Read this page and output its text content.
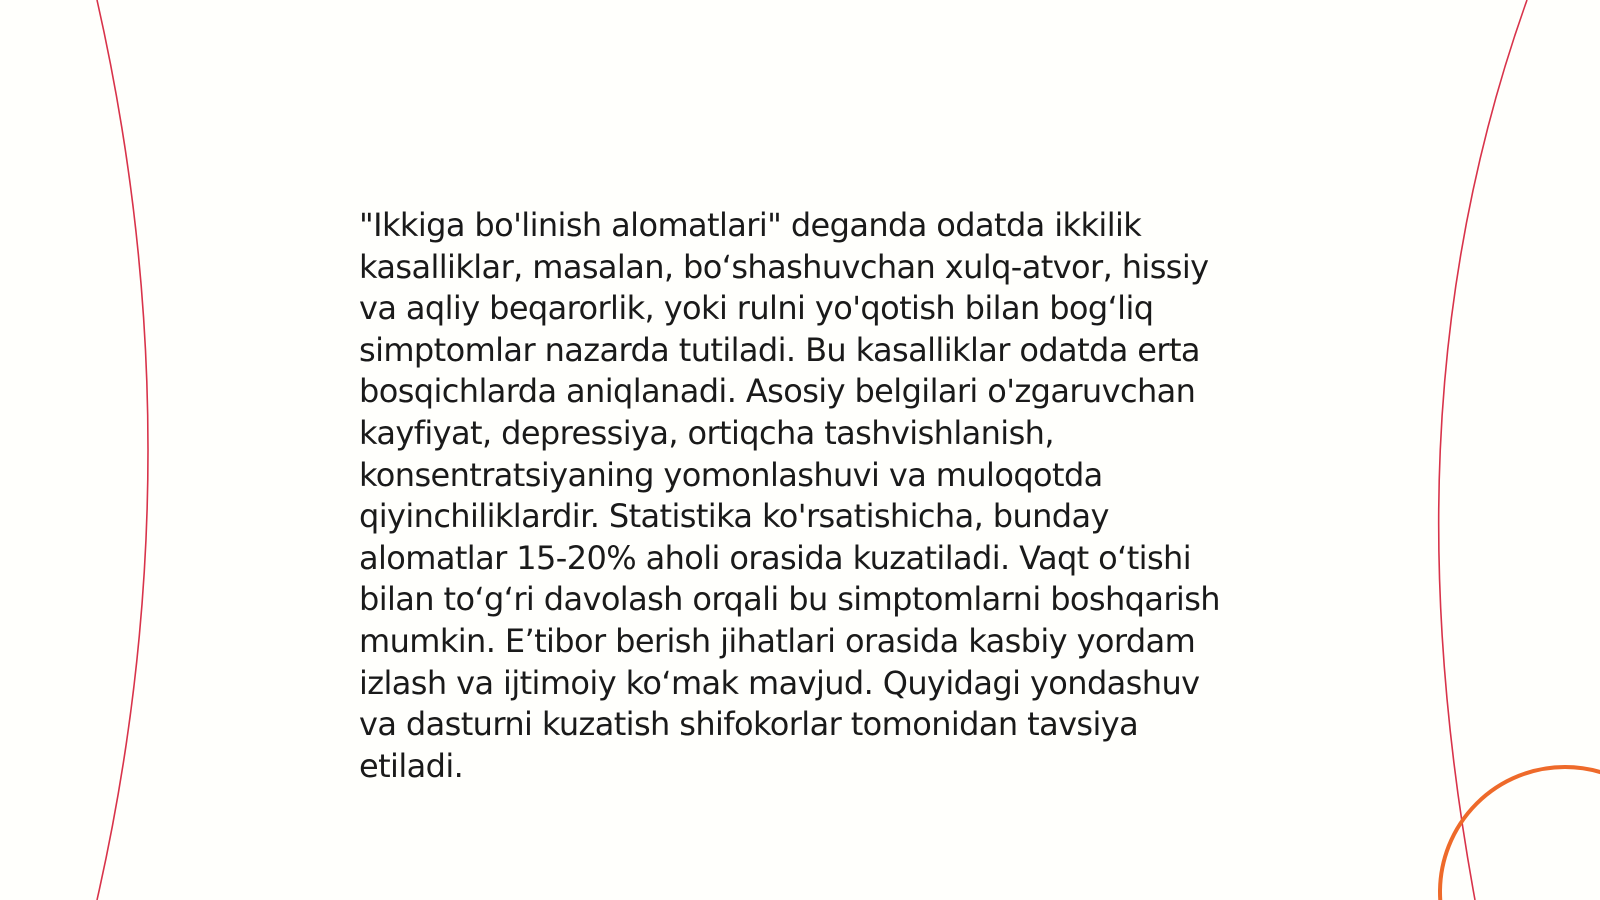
"Ikkiga bo'linish alomatlari" deganda odatda ikkilik kasalliklar, masalan, bo‘shashuvchan xulq-atvor, hissiy va aqliy beqarorlik, yoki rulni yo'qotish bilan bog‘liq simptomlar nazarda tutiladi. Bu kasalliklar odatda erta bosqichlarda aniqlanadi. Asosiy belgilari o'zgaruvchan kayfiyat, depressiya, ortiqcha tashvishlanish, konsentratsiyaning yomonlashuvi va muloqotda qiyinchiliklardir. Statistika ko'rsatishicha, bunday alomatlar 15-20% aholi orasida kuzatiladi. Vaqt o‘tishi bilan to‘g‘ri davolash orqali bu simptomlarni boshqarish mumkin. E’tibor berish jihatlari orasida kasbiy yordam izlash va ijtimoiy ko‘mak mavjud. Quyidagi yondashuv va dasturni kuzatish shifokorlar tomonidan tavsiya etiladi.
